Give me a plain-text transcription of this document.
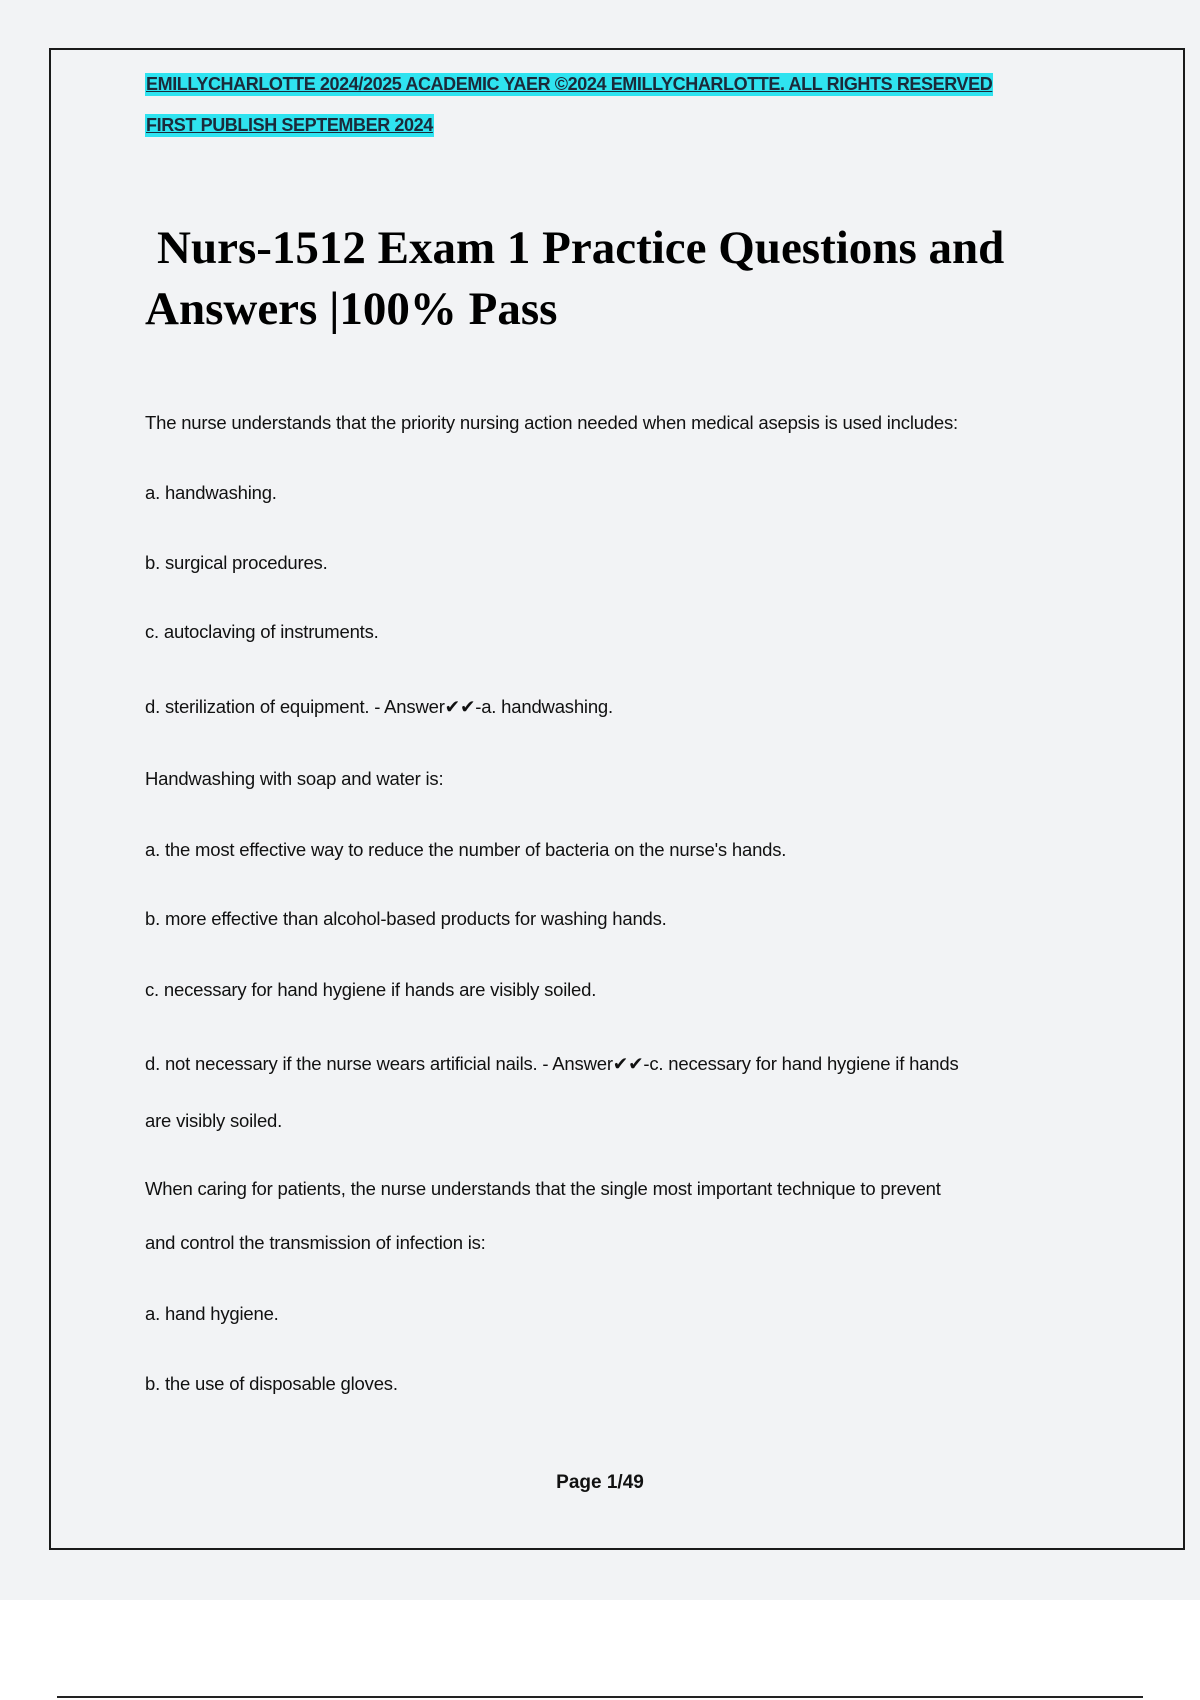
EMILLYCHARLOTTE 2024/2025 ACADEMIC YAER ©2024 EMILLYCHARLOTTE. ALL RIGHTS RESERVED
FIRST PUBLISH SEPTEMBER 2024
Nurs-1512 Exam 1 Practice Questions and
Answers |100% Pass
The nurse understands that the priority nursing action needed when medical asepsis is used includes:
a. handwashing.
b. surgical procedures.
c. autoclaving of instruments.
d. sterilization of equipment. - Answer✔✔-a. handwashing.
Handwashing with soap and water is:
a. the most effective way to reduce the number of bacteria on the nurse's hands.
b. more effective than alcohol-based products for washing hands.
c. necessary for hand hygiene if hands are visibly soiled.
d. not necessary if the nurse wears artificial nails. - Answer✔✔-c. necessary for hand hygiene if hands
are visibly soiled.
When caring for patients, the nurse understands that the single most important technique to prevent
and control the transmission of infection is:
a. hand hygiene.
b. the use of disposable gloves.
Page 1/49
